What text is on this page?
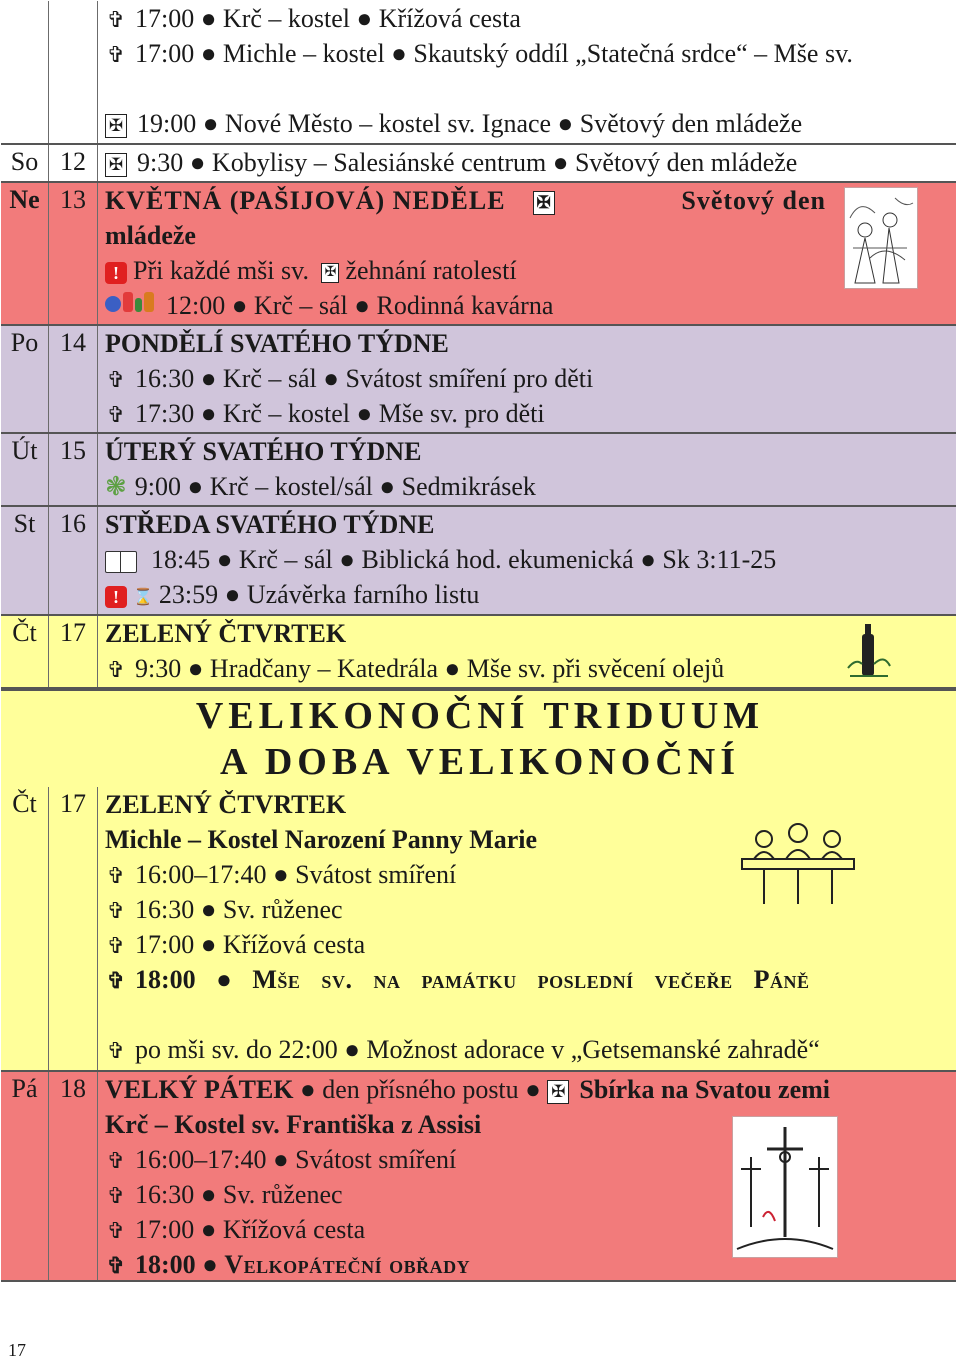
✞ 17:00 ● Krč – kostel ● Křížová cesta
✞ 17:00 ● Michle – kostel ● Skautský oddíl „Statečná srdce“ – Mše sv.
✠ 19:00 ● Nové Město – kostel sv. Ignace ● Světový den mládeže
So 12	✠ 9:30 ● Kobylisy – Salesiánské centrum ● Světový den mládeže
Ne 13 KVĚTNÁ (PAŠIJOVÁ) NEDĚLE ✠	Světový den
mládeže
! Při každé mši sv. ✠ žehnání ratolestí
12:00 ● Krč – sál ● Rodinná kavárna
Po 14 PONDĚLÍ SVATÉHO TÝDNE
✞ 16:30 ● Krč – sál ● Svátost smíření pro děti
✞ 17:30 ● Krč – kostel ● Mše sv. pro děti
Út 15 ÚTERÝ SVATÉHO TÝDNE
❃ 9:00 ● Krč – kostel/sál ● Sedmikrásek
St 16 STŘEDA SVATÉHO TÝDNE
18:45 ● Krč – sál ● Biblická hod. ekumenická ● Sk 3:11-25
! ⌛ 23:59 ● Uzávěrka farního listu
Čt 17 ZELENÝ ČTVRTEK
✞ 9:30 ● Hradčany – Katedrála ● Mše sv. při svěcení olejů
Čt 17 ZELENÝ ČTVRTEK
Michle – Kostel Narození Panny Marie
✞ 16:00–17:40 ● Svátost smíření
✞ 16:30 ● Sv. růženec
✞ 17:00 ● Křížová cesta
✞ 18:00 ● Mše sv. na památku poslední večeře Páně
✞ po mši sv. do 22:00 ● Možnost adorace v „Getsemanské zahradě“
Pá 18 VELKÝ PÁTEK ● den přísného postu ● ✠ Sbírka na Svatou zemi
Krč – Kostel sv. Františka z Assisi
✞ 16:00–17:40 ● Svátost smíření
✞ 16:30 ● Sv. růženec
✞ 17:00 ● Křížová cesta
✞ 18:00 ● Velkopáteční obřady
VELIKONOČNÍ TRIDUUM
A DOBA VELIKONOČNÍ
17
